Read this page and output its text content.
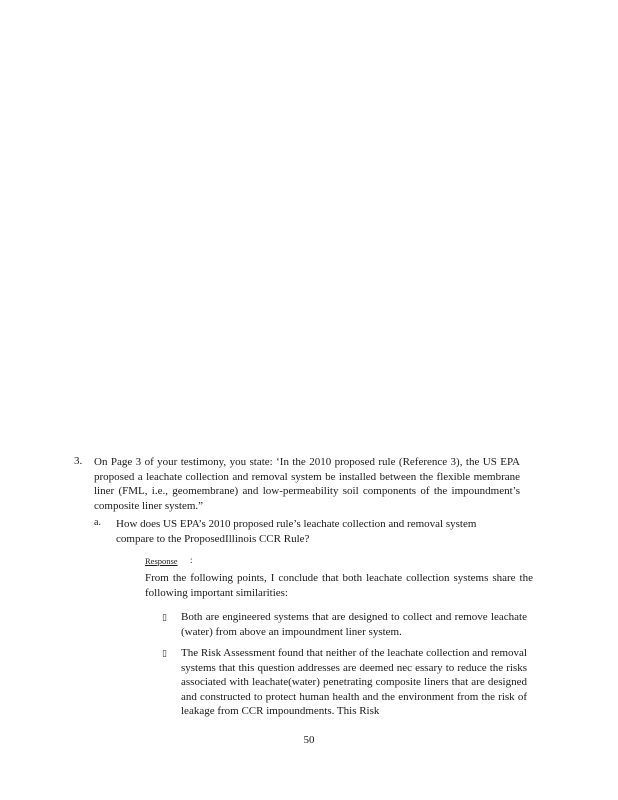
3. On Page 3 of your testimony, you state: ‘In the 2010 proposed rule (Reference 3), the US EPA proposed a leachate collection and removal system be installed between the flexible membrane liner (FML, i.e., geomembrane) and low-permeability soil components of the impoundment’s composite liner system.”
a. How does US EPA’s 2010 proposed rule’s leachate collection and removal system compare to the ProposedIllinois CCR Rule?
Response :
From the following points, I conclude that both leachate collection systems share the following important similarities:
▯ Both are engineered systems that are designed to collect and remove leachate (water) from above an impoundment liner system.
▯ The Risk Assessment found that neither of the leachate collection and removal systems that this question addresses are deemed nec essary to reduce the risks associated with leachate(water) penetrating composite liners that are designed and constructed to protect human health and the environment from the risk of leakage from CCR impoundments. This Risk
50
